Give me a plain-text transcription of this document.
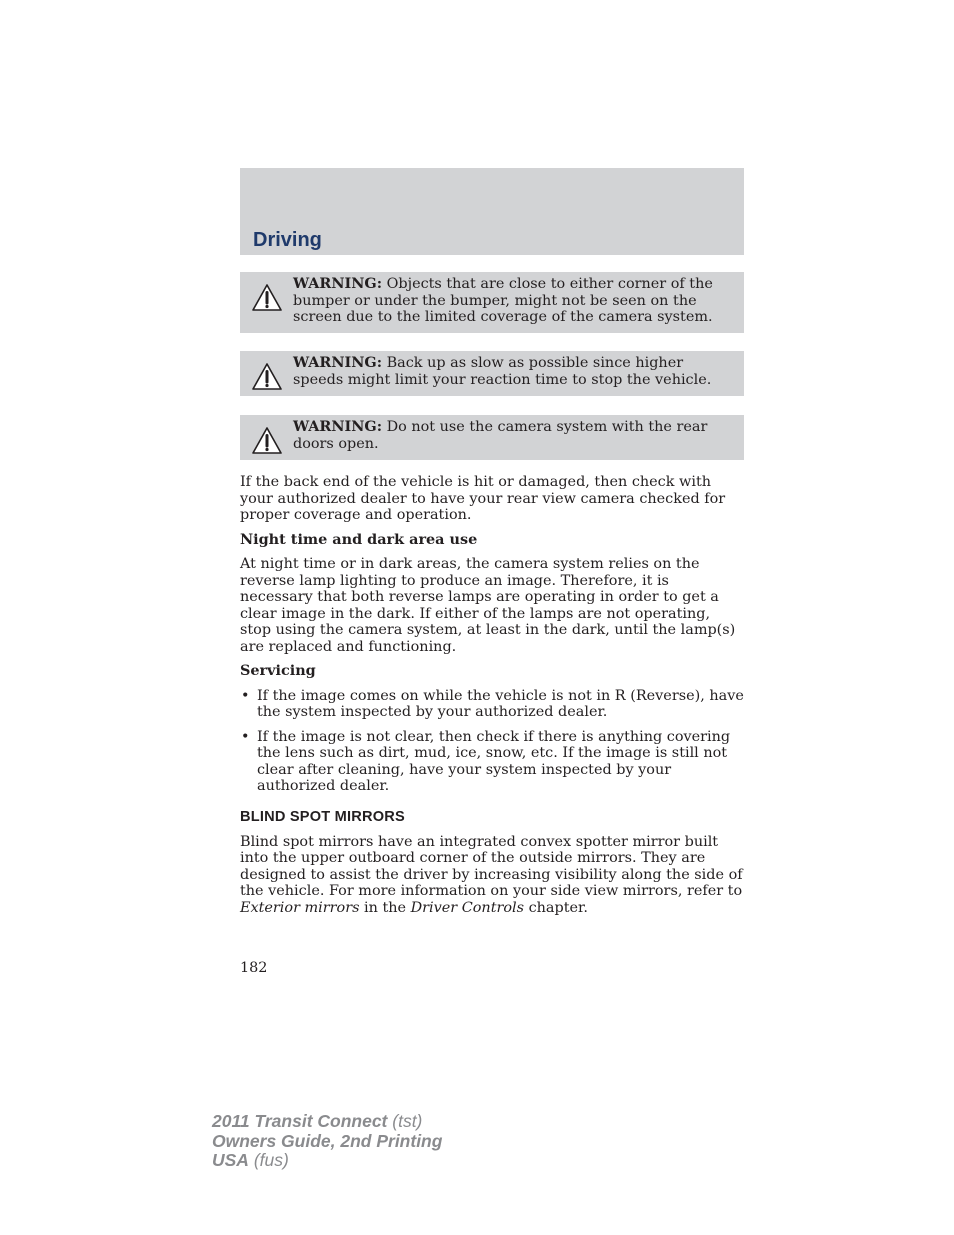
Driving
WARNING: Objects that are close to either corner of the bumper or under the bumper, might not be seen on the screen due to the limited coverage of the camera system.
WARNING: Back up as slow as possible since higher speeds might limit your reaction time to stop the vehicle.
WARNING: Do not use the camera system with the rear doors open.

If the back end of the vehicle is hit or damaged, then check with your authorized dealer to have your rear view camera checked for proper coverage and operation.

Night time and dark area use

At night time or in dark areas, the camera system relies on the reverse lamp lighting to produce an image. Therefore, it is necessary that both reverse lamps are operating in order to get a clear image in the dark. If either of the lamps are not operating, stop using the camera system, at least in the dark, until the lamp(s) are replaced and functioning.

Servicing
• If the image comes on while the vehicle is not in R (Reverse), have the system inspected by your authorized dealer.
• If the image is not clear, then check if there is anything covering the lens such as dirt, mud, ice, snow, etc. If the image is still not clear after cleaning, have your system inspected by your authorized dealer.
BLIND SPOT MIRRORS

Blind spot mirrors have an integrated convex spotter mirror built into the upper outboard corner of the outside mirrors. They are designed to assist the driver by increasing visibility along the side of the vehicle. For more information on your side view mirrors, refer to Exterior mirrors in the Driver Controls chapter.

182
2011 Transit Connect (tst)
Owners Guide, 2nd Printing
USA (fus)
